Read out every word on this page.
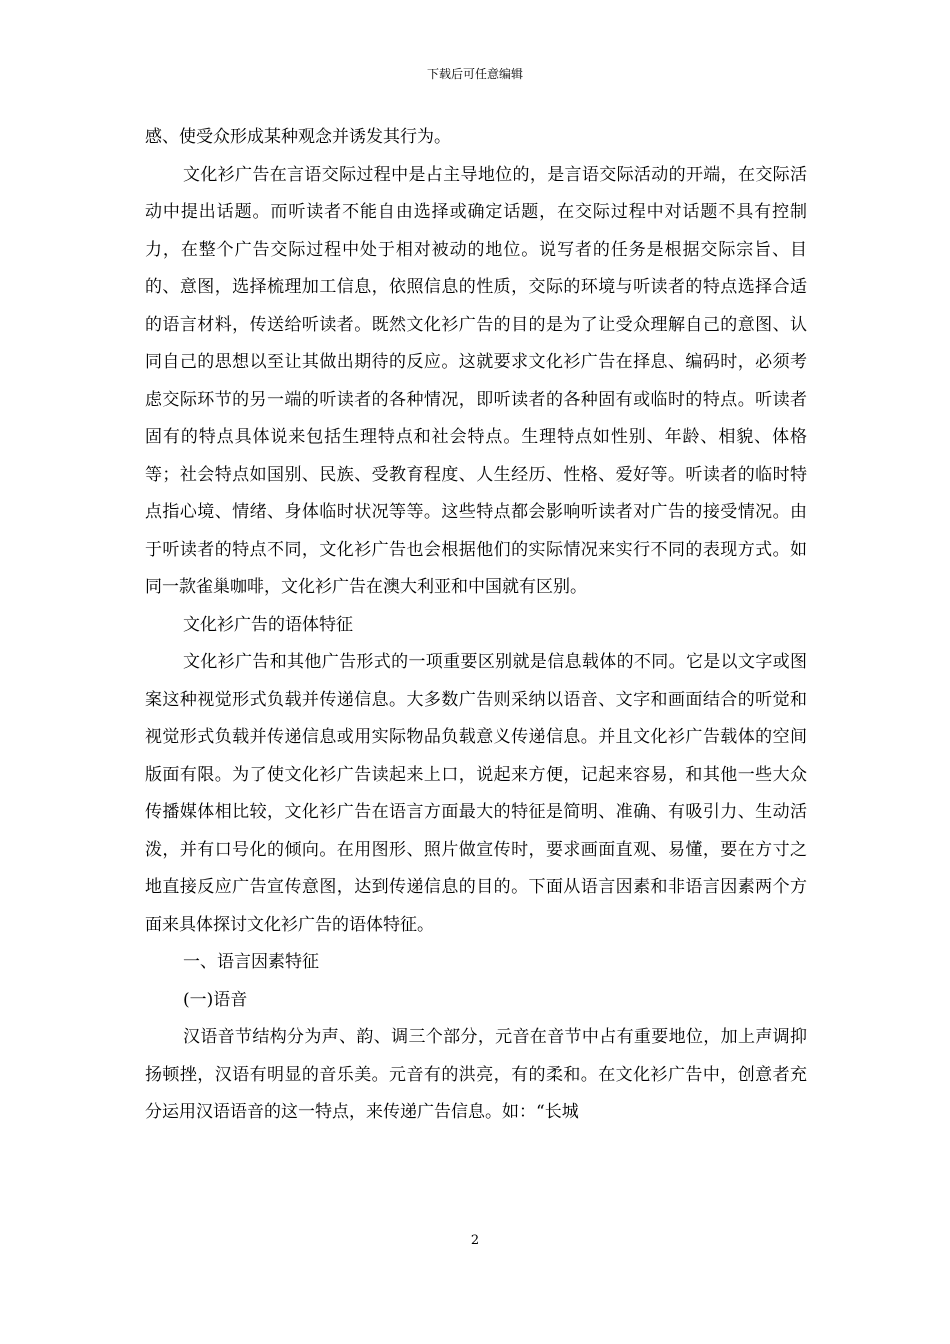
下载后可任意编辑

感、使受众形成某种观念并诱发其行为。

文化衫广告在言语交际过程中是占主导地位的，是言语交际活动的开端，在交际活动中提出话题。而听读者不能自由选择或确定话题，在交际过程中对话题不具有控制力，在整个广告交际过程中处于相对被动的地位。说写者的任务是根据交际宗旨、目的、意图，选择梳理加工信息，依照信息的性质，交际的环境与听读者的特点选择合适的语言材料，传送给听读者。既然文化衫广告的目的是为了让受众理解自己的意图、认同自己的思想以至让其做出期待的反应。这就要求文化衫广告在择息、编码时，必须考虑交际环节的另一端的听读者的各种情况，即听读者的各种固有或临时的特点。听读者固有的特点具体说来包括生理特点和社会特点。生理特点如性别、年龄、相貌、体格等；社会特点如国别、民族、受教育程度、人生经历、性格、爱好等。听读者的临时特点指心境、情绪、身体临时状况等等。这些特点都会影响听读者对广告的接受情况。由于听读者的特点不同，文化衫广告也会根据他们的实际情况来实行不同的表现方式。如同一款雀巢咖啡，文化衫广告在澳大利亚和中国就有区别。

文化衫广告的语体特征

文化衫广告和其他广告形式的一项重要区别就是信息载体的不同。它是以文字或图案这种视觉形式负载并传递信息。大多数广告则采纳以语音、文字和画面结合的听觉和视觉形式负载并传递信息或用实际物品负载意义传递信息。并且文化衫广告载体的空间版面有限。为了使文化衫广告读起来上口，说起来方便，记起来容易，和其他一些大众传播媒体相比较，文化衫广告在语言方面最大的特征是简明、准确、有吸引力、生动活泼，并有口号化的倾向。在用图形、照片做宣传时，要求画面直观、易懂，要在方寸之地直接反应广告宣传意图，达到传递信息的目的。下面从语言因素和非语言因素两个方面来具体探讨文化衫广告的语体特征。

一、语言因素特征

(一)语音

汉语音节结构分为声、韵、调三个部分，元音在音节中占有重要地位，加上声调抑扬顿挫，汉语有明显的音乐美。元音有的洪亮，有的柔和。在文化衫广告中，创意者充分运用汉语语音的这一特点，来传递广告信息。如：“长城

2
